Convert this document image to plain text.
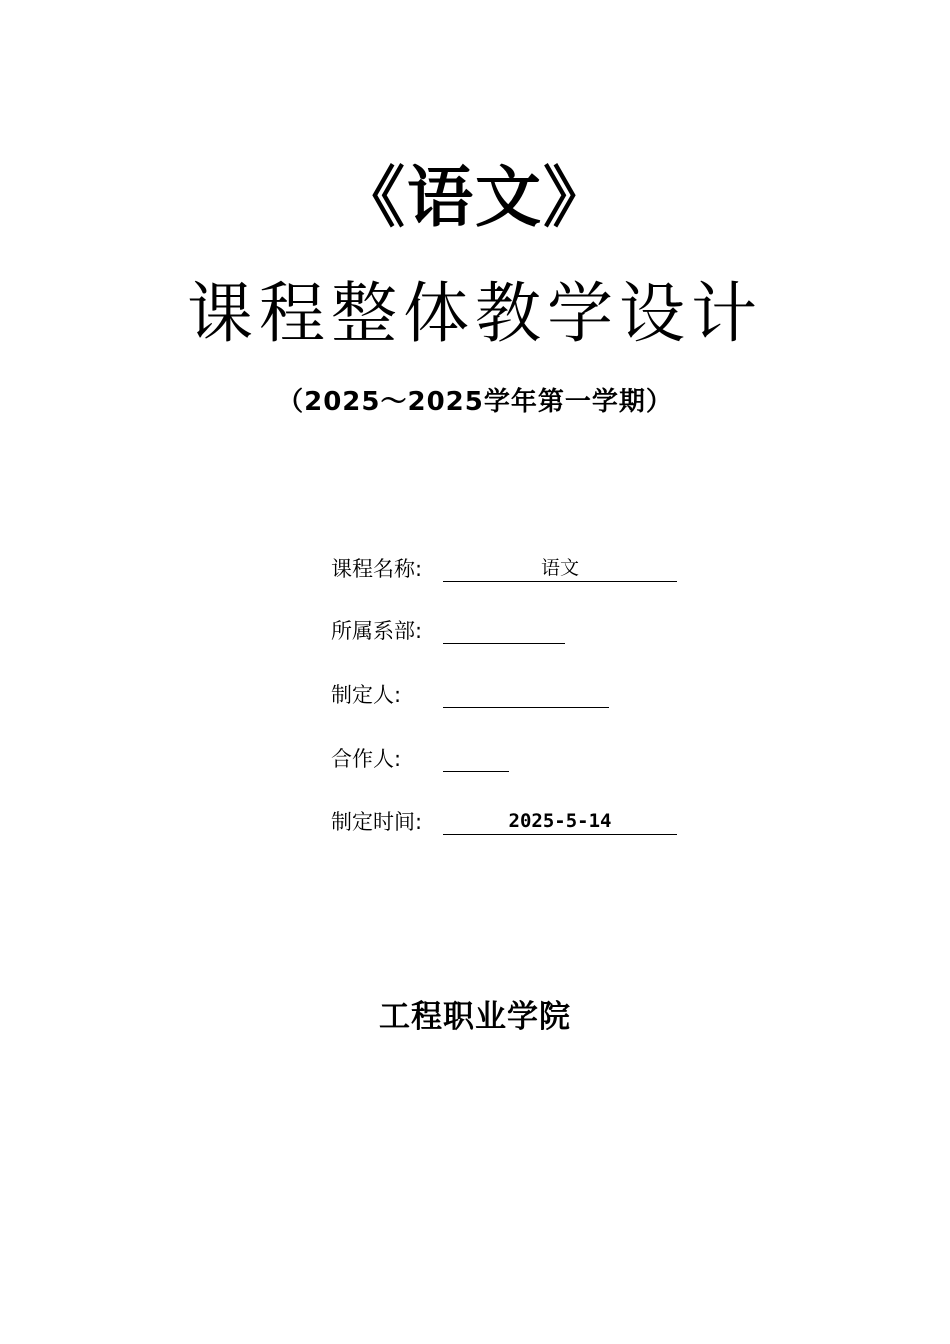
《语文》
课程整体教学设计
（2025～2025学年第一学期）
课程名称:	语文
所属系部:
制定人:
合作人:
制定时间:	2025-5-14
工程职业学院
